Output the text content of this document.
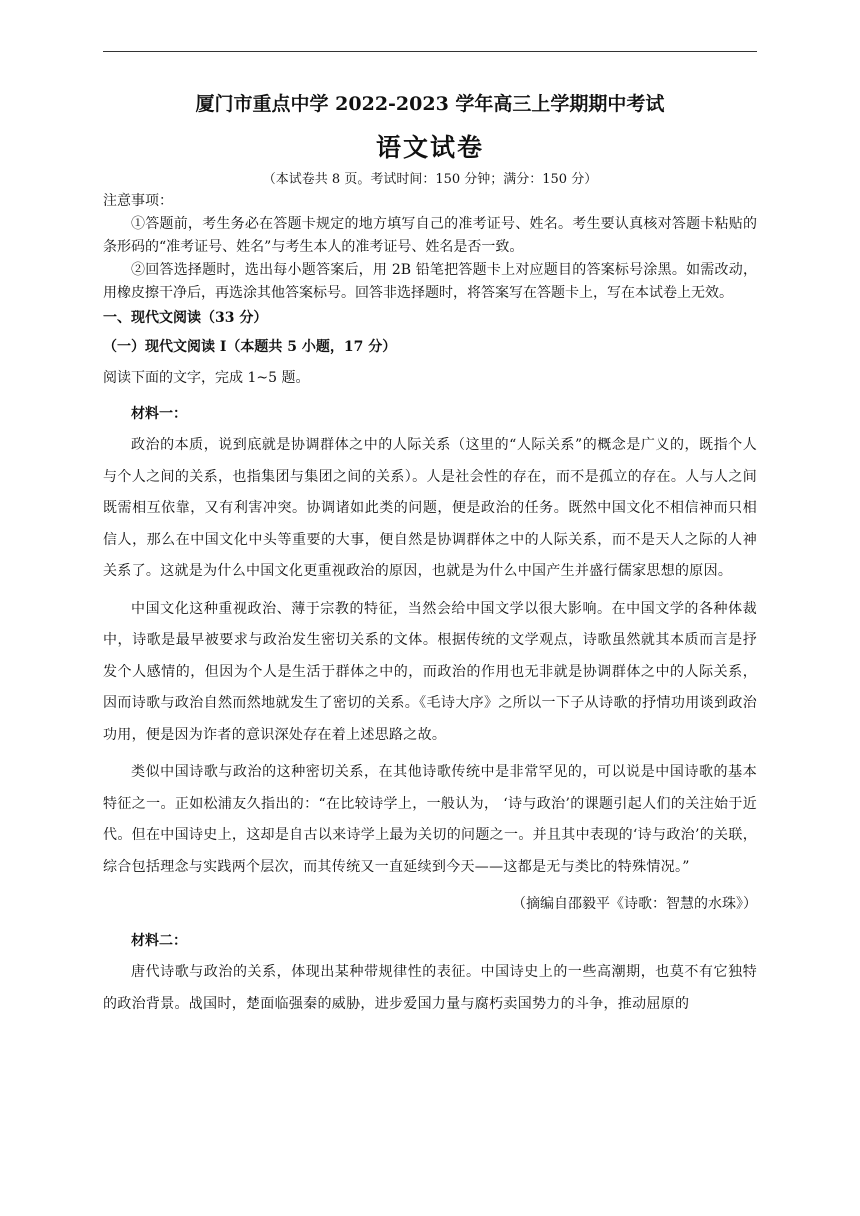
厦门市重点中学 2022-2023 学年高三上学期期中考试
语文试卷

（本试卷共 8 页。考试时间：150 分钟；满分：150 分）

注意事项：

①答题前，考生务必在答题卡规定的地方填写自己的准考证号、姓名。考生要认真核对答题卡粘贴的条形码的“准考证号、姓名”与考生本人的准考证号、姓名是否一致。

②回答选择题时，选出每小题答案后，用 2B 铅笔把答题卡上对应题目的答案标号涂黑。如需改动，用橡皮擦干净后，再选涂其他答案标号。回答非选择题时，将答案写在答题卡上，写在本试卷上无效。

一、现代文阅读（33 分）

（一）现代文阅读 I（本题共 5 小题，17 分）

阅读下面的文字，完成 1~5 题。

材料一：

政治的本质，说到底就是协调群体之中的人际关系（这里的“人际关系”的概念是广义的，既指个人与个人之间的关系，也指集团与集团之间的关系）。人是社会性的存在，而不是孤立的存在。人与人之间既需相互依靠，又有利害冲突。协调诸如此类的问题，便是政治的任务。既然中国文化不相信神而只相信人，那么在中国文化中头等重要的大事，便自然是协调群体之中的人际关系，而不是天人之际的人神关系了。这就是为什么中国文化更重视政治的原因，也就是为什么中国产生并盛行儒家思想的原因。

中国文化这种重视政治、薄于宗教的特征，当然会给中国文学以很大影响。在中国文学的各种体裁中，诗歌是最早被要求与政治发生密切关系的文体。根据传统的文学观点，诗歌虽然就其本质而言是抒发个人感情的，但因为个人是生活于群体之中的，而政治的作用也无非就是协调群体之中的人际关系，因而诗歌与政治自然而然地就发生了密切的关系。《毛诗大序》之所以一下子从诗歌的抒情功用谈到政治功用，便是因为诈者的意识深处存在着上述思路之故。

类似中国诗歌与政治的这种密切关系，在其他诗歌传统中是非常罕见的，可以说是中国诗歌的基本特征之一。正如松浦友久指出的：“在比较诗学上，一般认为， ‘诗与政治’的课题引起人们的关注始于近代。但在中国诗史上，这却是自古以来诗学上最为关切的问题之一。并且其中表现的‘诗与政治’的关联，综合包括理念与实践两个层次，而其传统又一直延续到今天——这都是无与类比的特殊情况。”

（摘编自邵毅平《诗歌：智慧的水珠》）

材料二：

唐代诗歌与政治的关系，体现出某种带规律性的表征。中国诗史上的一些高潮期，也莫不有它独特的政治背景。战国时，楚面临强秦的威胁，进步爱国力量与腐朽卖国势力的斗争，推动屈原的
